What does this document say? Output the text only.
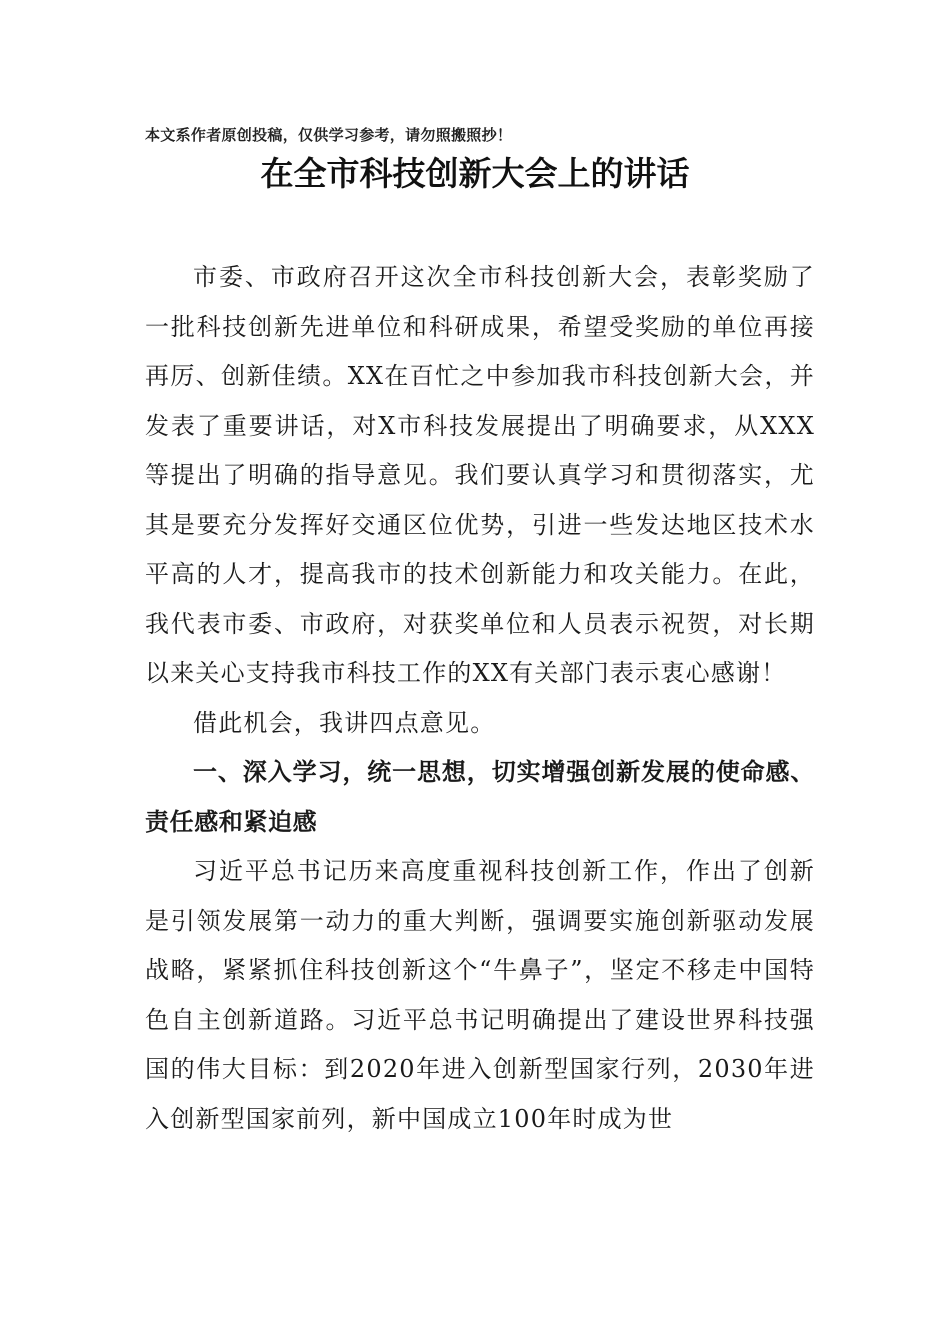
本文系作者原创投稿，仅供学习参考，请勿照搬照抄！
在全市科技创新大会上的讲话

市委、市政府召开这次全市科技创新大会，表彰奖励了一批科技创新先进单位和科研成果，希望受奖励的单位再接再厉、创新佳绩。XX在百忙之中参加我市科技创新大会，并发表了重要讲话，对X市科技发展提出了明确要求，从XXX等提出了明确的指导意见。我们要认真学习和贯彻落实，尤其是要充分发挥好交通区位优势，引进一些发达地区技术水平高的人才，提高我市的技术创新能力和攻关能力。在此，我代表市委、市政府，对获奖单位和人员表示祝贺，对长期以来关心支持我市科技工作的XX有关部门表示衷心感谢！

借此机会，我讲四点意见。

一、深入学习，统一思想，切实增强创新发展的使命感、责任感和紧迫感

习近平总书记历来高度重视科技创新工作，作出了创新是引领发展第一动力的重大判断，强调要实施创新驱动发展战略，紧紧抓住科技创新这个“牛鼻子”，坚定不移走中国特色自主创新道路。习近平总书记明确提出了建设世界科技强国的伟大目标：到2020年进入创新型国家行列，2030年进入创新型国家前列，新中国成立100年时成为世
